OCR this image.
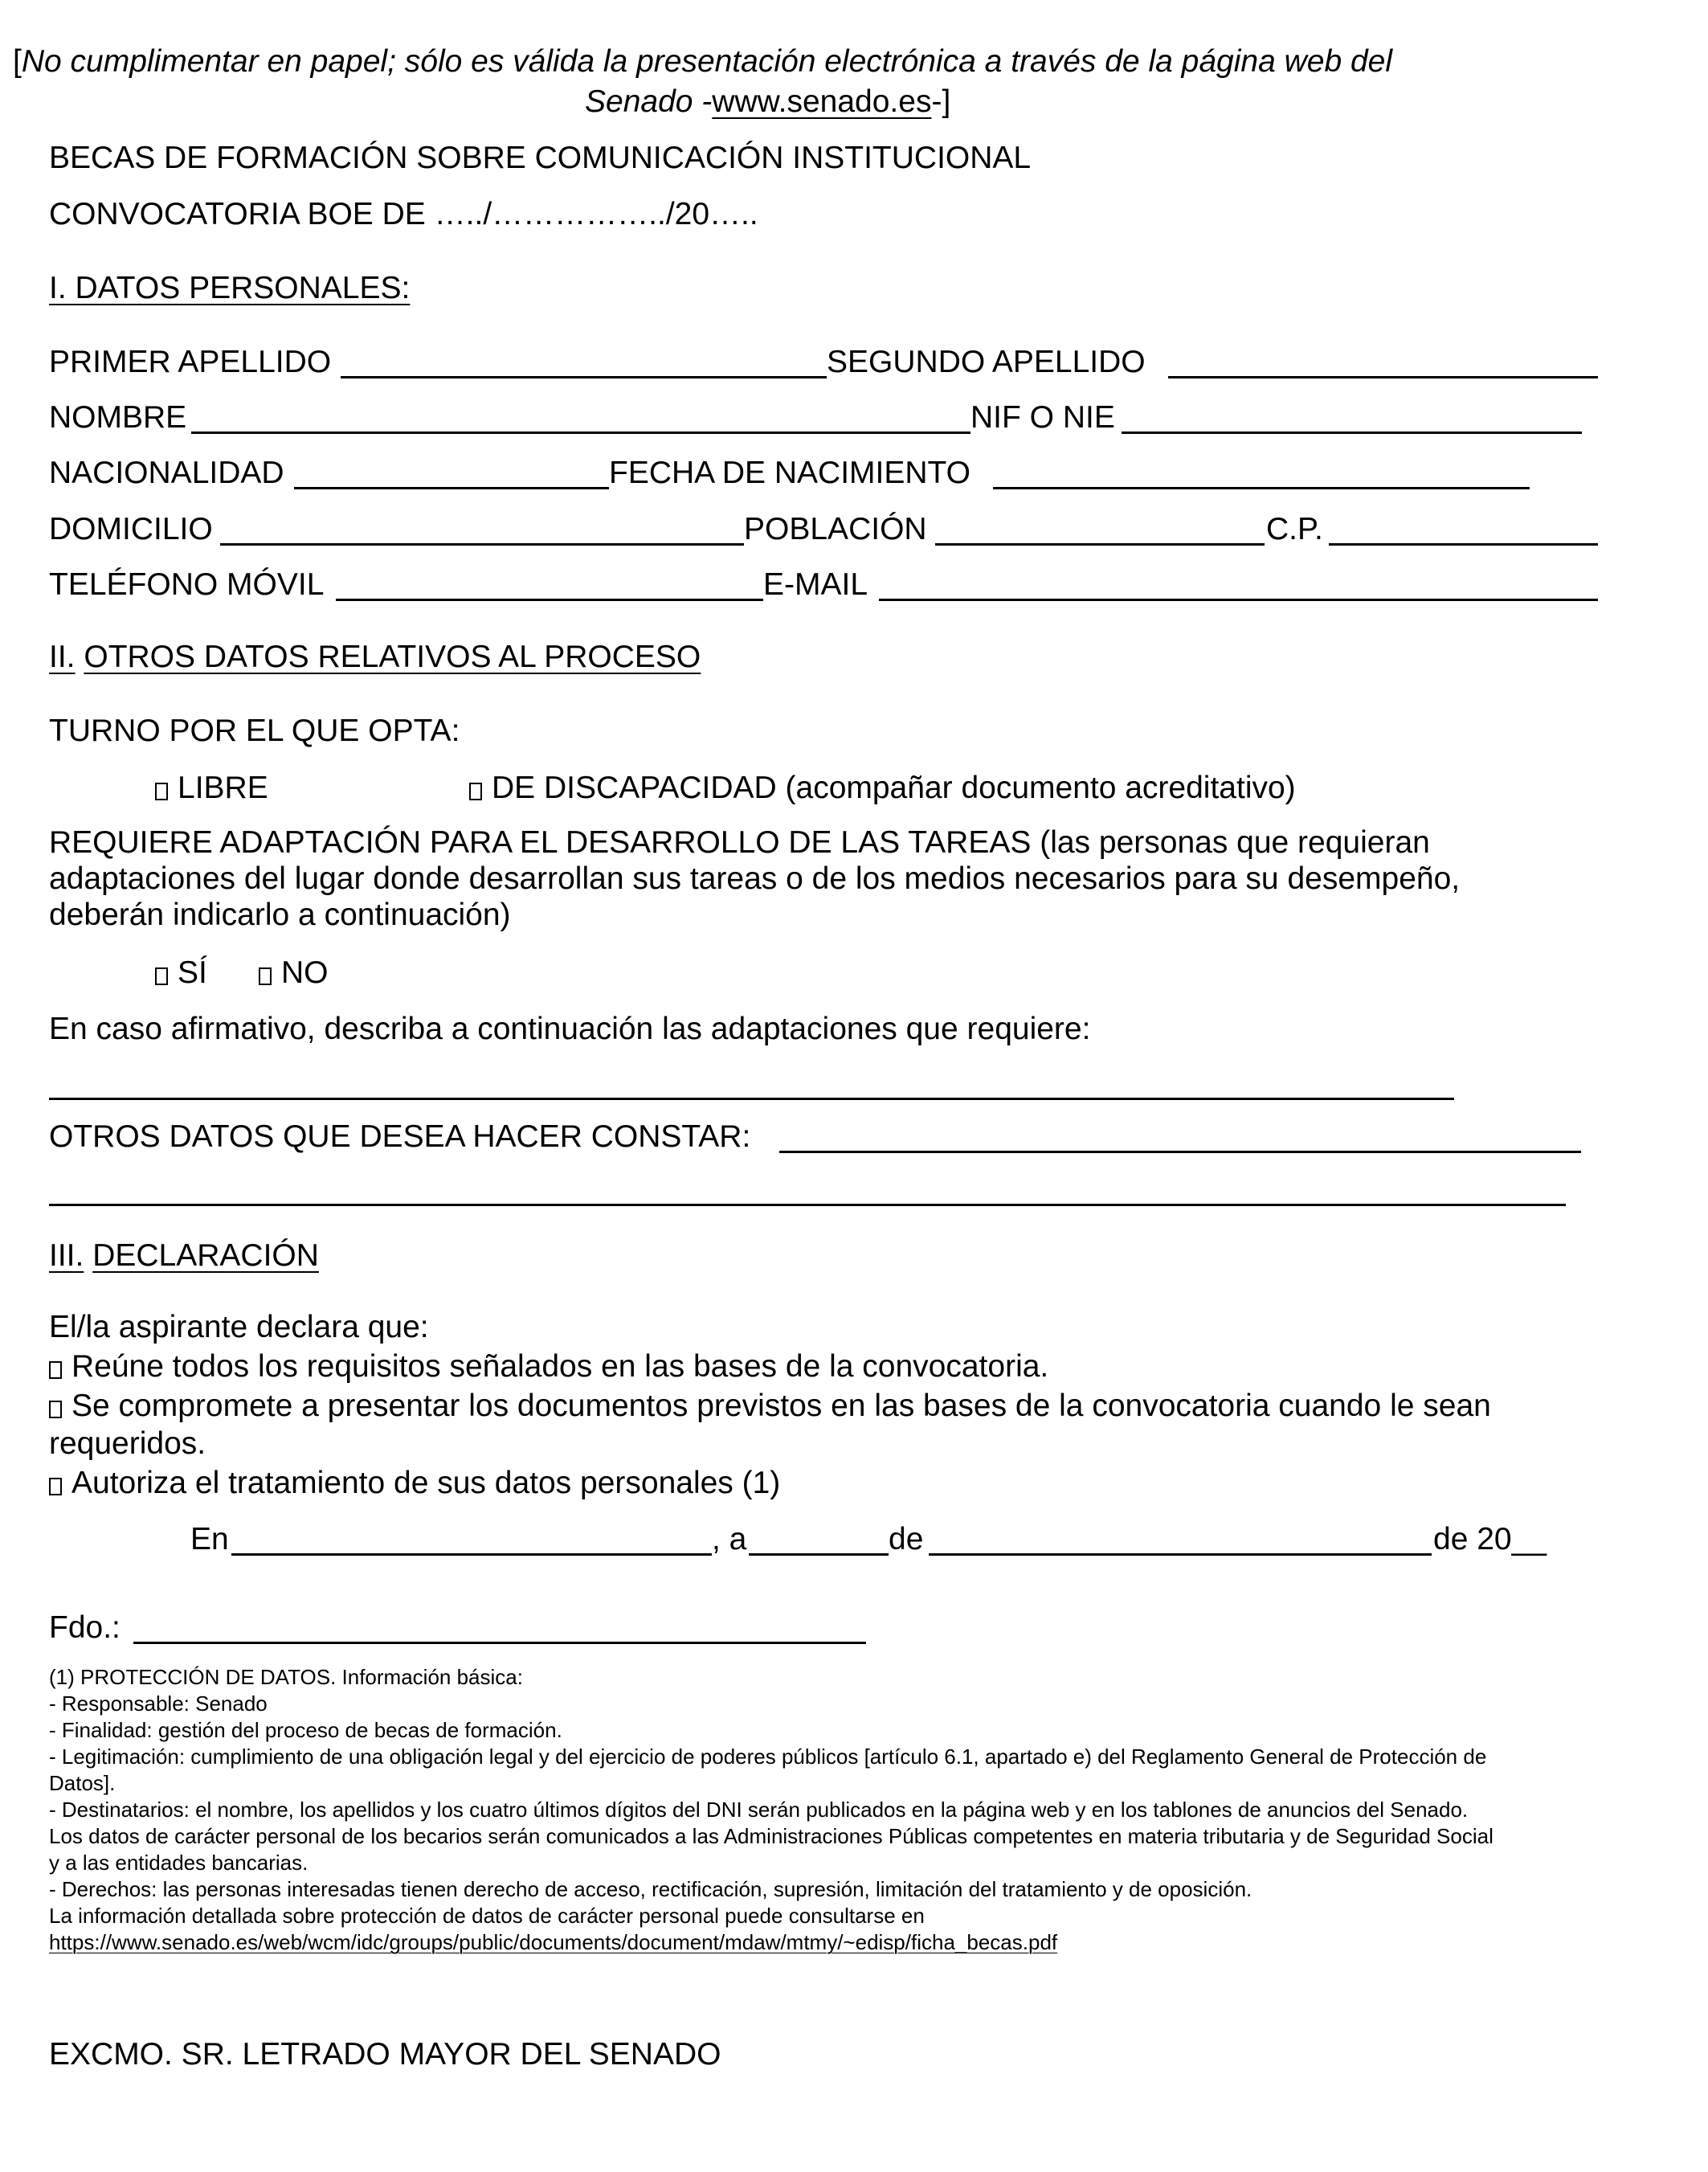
[No cumplimentar en papel; sólo es válida la presentación electrónica a través de la página web del
Senado -www.senado.es-]
BECAS DE FORMACIÓN SOBRE COMUNICACIÓN INSTITUCIONAL
CONVOCATORIA BOE DE …../……………../20…..
I. DATOS PERSONALES:
PRIMER APELLIDO	SEGUNDO APELLIDO
NOMBRE	NIF O NIE
NACIONALIDAD	FECHA DE NACIMIENTO
DOMICILIO	POBLACIÓN	C.P.
TELÉFONO MÓVIL	E-MAIL
II. OTROS DATOS RELATIVOS AL PROCESO
TURNO POR EL QUE OPTA:
LIBRE	DE DISCAPACIDAD (acompañar documento acreditativo)
REQUIERE ADAPTACIÓN PARA EL DESARROLLO DE LAS TAREAS (las personas que requieran
adaptaciones del lugar donde desarrollan sus tareas o de los medios necesarios para su desempeño,
deberán indicarlo a continuación)
SÍ	NO
En caso afirmativo, describa a continuación las adaptaciones que requiere:
OTROS DATOS QUE DESEA HACER CONSTAR:
III. DECLARACIÓN
El/la aspirante declara que:
Reúne todos los requisitos señalados en las bases de la convocatoria.
Se compromete a presentar los documentos previstos en las bases de la convocatoria cuando le sean
requeridos.
Autoriza el tratamiento de sus datos personales (1)
En	, a	de	de 20__
Fdo.:
(1) PROTECCIÓN DE DATOS. Información básica:
- Responsable: Senado
- Finalidad: gestión del proceso de becas de formación.
- Legitimación: cumplimiento de una obligación legal y del ejercicio de poderes públicos [artículo 6.1, apartado e) del Reglamento General de Protección de
Datos].
- Destinatarios: el nombre, los apellidos y los cuatro últimos dígitos del DNI serán publicados en la página web y en los tablones de anuncios del Senado.
Los datos de carácter personal de los becarios serán comunicados a las Administraciones Públicas competentes en materia tributaria y de Seguridad Social
y a las entidades bancarias.
- Derechos: las personas interesadas tienen derecho de acceso, rectificación, supresión, limitación del tratamiento y de oposición.
La información detallada sobre protección de datos de carácter personal puede consultarse en
https://www.senado.es/web/wcm/idc/groups/public/documents/document/mdaw/mtmy/~edisp/ficha_becas.pdf
EXCMO. SR. LETRADO MAYOR DEL SENADO
